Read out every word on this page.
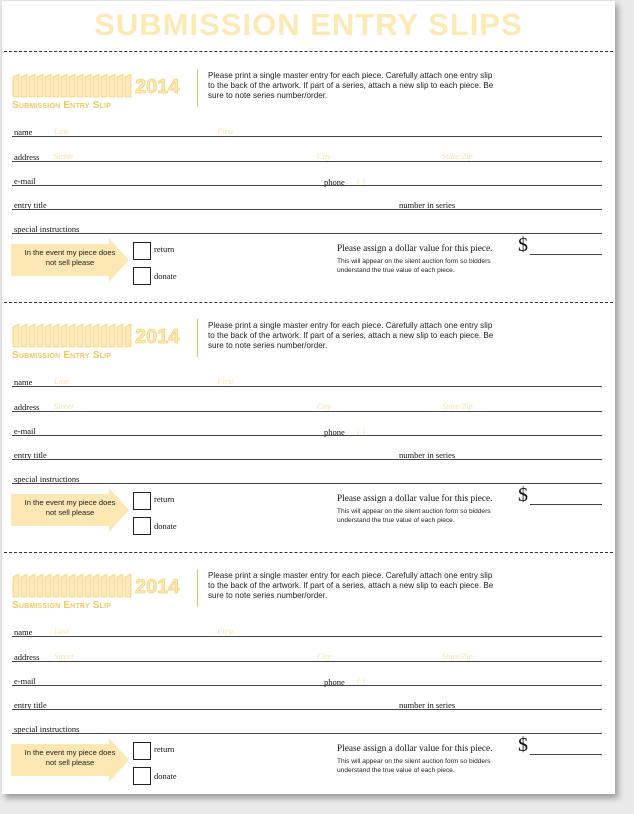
SUBMISSION ENTRY SLIPS
2014
Submission Entry Slip
Please print a single master entry for each piece. Carefully attach one entry slip to the back of the artwork. If part of a series, attach a new slip to each piece. Be sure to note series number/order.
name	Last	First
address Street	City	State/Zip
e-mail	phone ( )
entry title	number in series
special instructions
In the event my piece does not sell please
return
donate
Please assign a dollar value for this piece.
This will appear on the silent auction form so bidders understand the true value of each piece.
$
2014
Submission Entry Slip
Please print a single master entry for each piece. Carefully attach one entry slip to the back of the artwork. If part of a series, attach a new slip to each piece. Be sure to note series number/order.
name	Last	First
address Street	City	State/Zip
e-mail	phone ( )
entry title	number in series
special instructions
In the event my piece does not sell please
return
donate
Please assign a dollar value for this piece.
This will appear on the silent auction form so bidders understand the true value of each piece.
$
2014
Submission Entry Slip
Please print a single master entry for each piece. Carefully attach one entry slip to the back of the artwork. If part of a series, attach a new slip to each piece. Be sure to note series number/order.
name	Last	First
address Street	City	State/Zip
e-mail	phone ( )
entry title	number in series
special instructions
In the event my piece does not sell please
return
donate
Please assign a dollar value for this piece.
This will appear on the silent auction form so bidders understand the true value of each piece.
$
